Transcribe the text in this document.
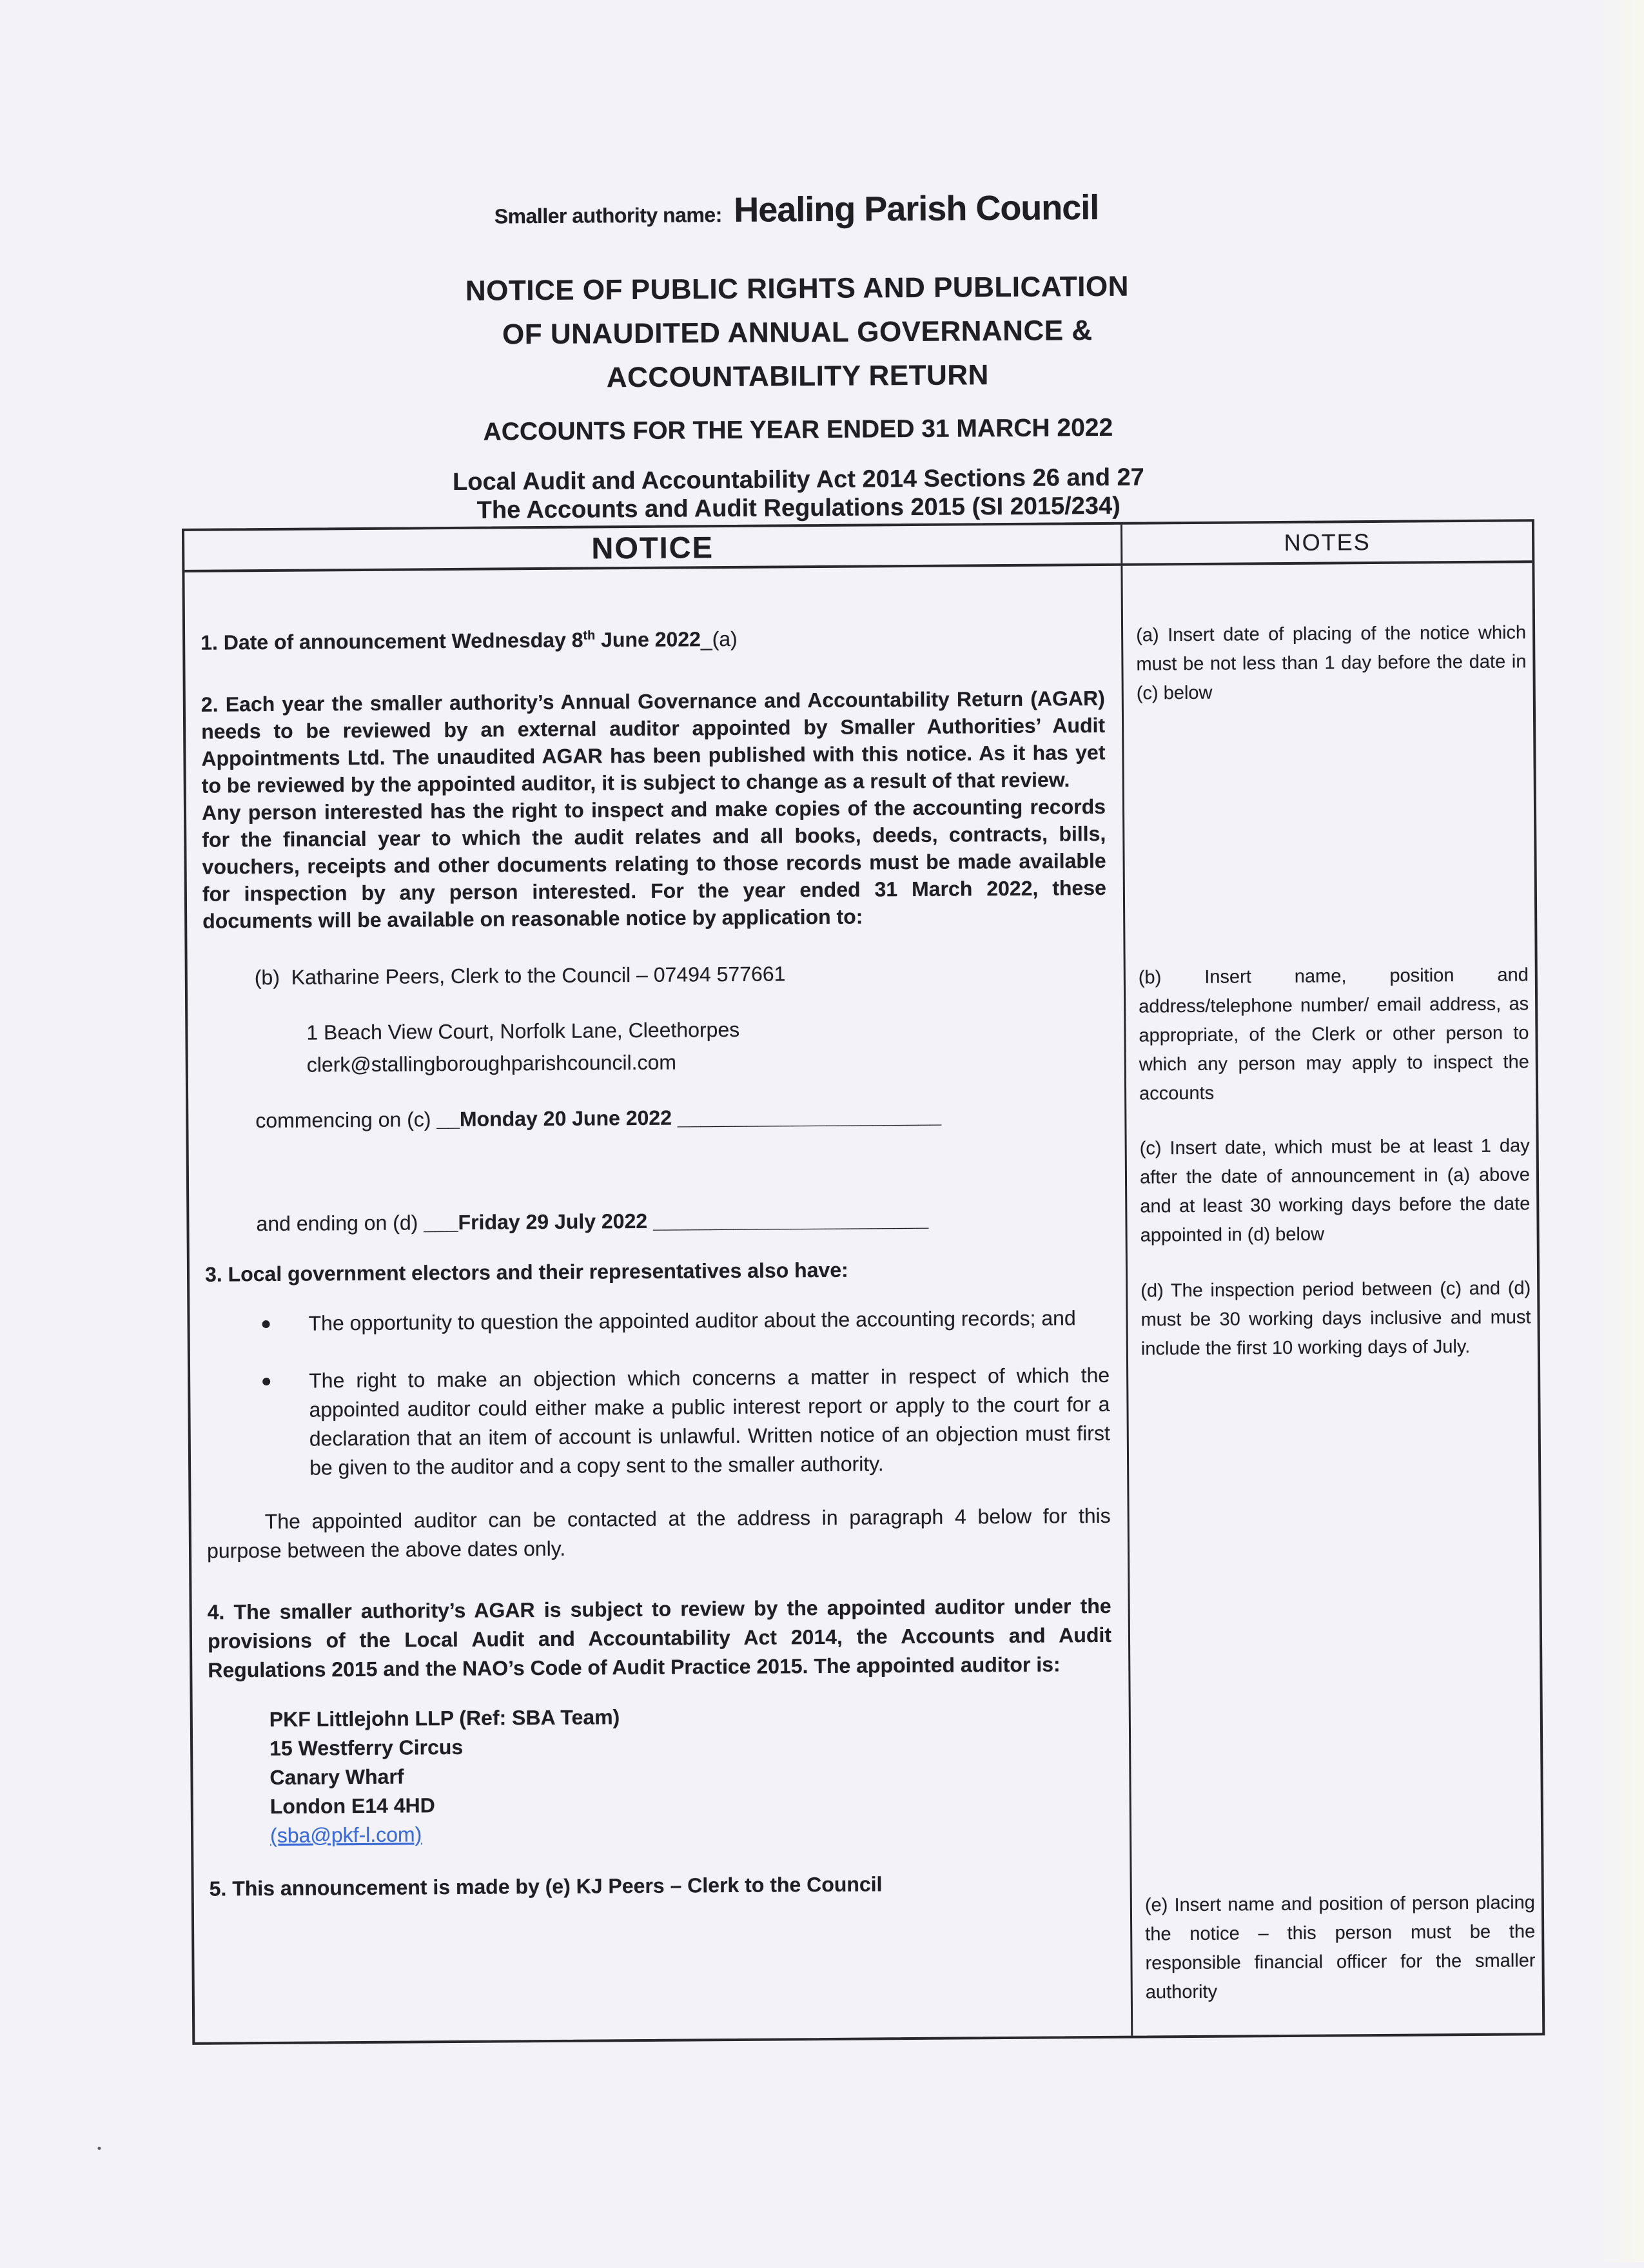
Smaller authority name: Healing Parish Council
NOTICE OF PUBLIC RIGHTS AND PUBLICATION
OF UNAUDITED ANNUAL GOVERNANCE &
ACCOUNTABILITY RETURN
ACCOUNTS FOR THE YEAR ENDED 31 MARCH 2022
Local Audit and Accountability Act 2014 Sections 26 and 27
The Accounts and Audit Regulations 2015 (SI 2015/234)
NOTICE	NOTES

1. Date of announcement Wednesday 8th June 2022_(a)

2. Each year the smaller authority’s Annual Governance and Accountability Return (AGAR) needs to be reviewed by an external auditor appointed by Smaller Authorities’ Audit Appointments Ltd. The unaudited AGAR has been published with this notice. As it has yet to be reviewed by the appointed auditor, it is subject to change as a result of that review.

Any person interested has the right to inspect and make copies of the accounting records for the financial year to which the audit relates and all books, deeds, contracts, bills, vouchers, receipts and other documents relating to those records must be made available for inspection by any person interested. For the year ended 31 March 2022, these documents will be available on reasonable notice by application to:

(b)  Katharine Peers, Clerk to the Council – 07494 577661

1 Beach View Court, Norfolk Lane, Cleethorpes
clerk@stallingboroughparishcouncil.com

commencing on (c) __Monday 20 June 2022 _______________________

and ending on (d) ___Friday 29 July 2022 ________________________

3. Local government electors and their representatives also have:

The opportunity to question the appointed auditor about the accounting records; and
The right to make an objection which concerns a matter in respect of which the appointed auditor could either make a public interest report or apply to the court for a declaration that an item of account is unlawful. Written notice of an objection must first be given to the auditor and a copy sent to the smaller authority.

The appointed auditor can be contacted at the address in paragraph 4 below for this purpose between the above dates only.

4. The smaller authority’s AGAR is subject to review by the appointed auditor under the provisions of the Local Audit and Accountability Act 2014, the Accounts and Audit Regulations 2015 and the NAO’s Code of Audit Practice 2015. The appointed auditor is:

PKF Littlejohn LLP (Ref: SBA Team)
15 Westferry Circus
Canary Wharf
London E14 4HD
(sba@pkf-l.com)

5. This announcement is made by (e) KJ Peers – Clerk to the Council

(a) Insert date of placing of the notice which must be not less than 1 day before the date in (c) below

(b) Insert name, position and address/telephone number/ email address, as appropriate, of the Clerk or other person to which any person may apply to inspect the accounts

(c) Insert date, which must be at least 1 day after the date of announcement in (a) above and at least 30 working days before the date appointed in (d) below

(d) The inspection period between (c) and (d) must be 30 working days inclusive and must include the first 10 working days of July.

(e) Insert name and position of person placing the notice – this person must be the responsible financial officer for the smaller authority
